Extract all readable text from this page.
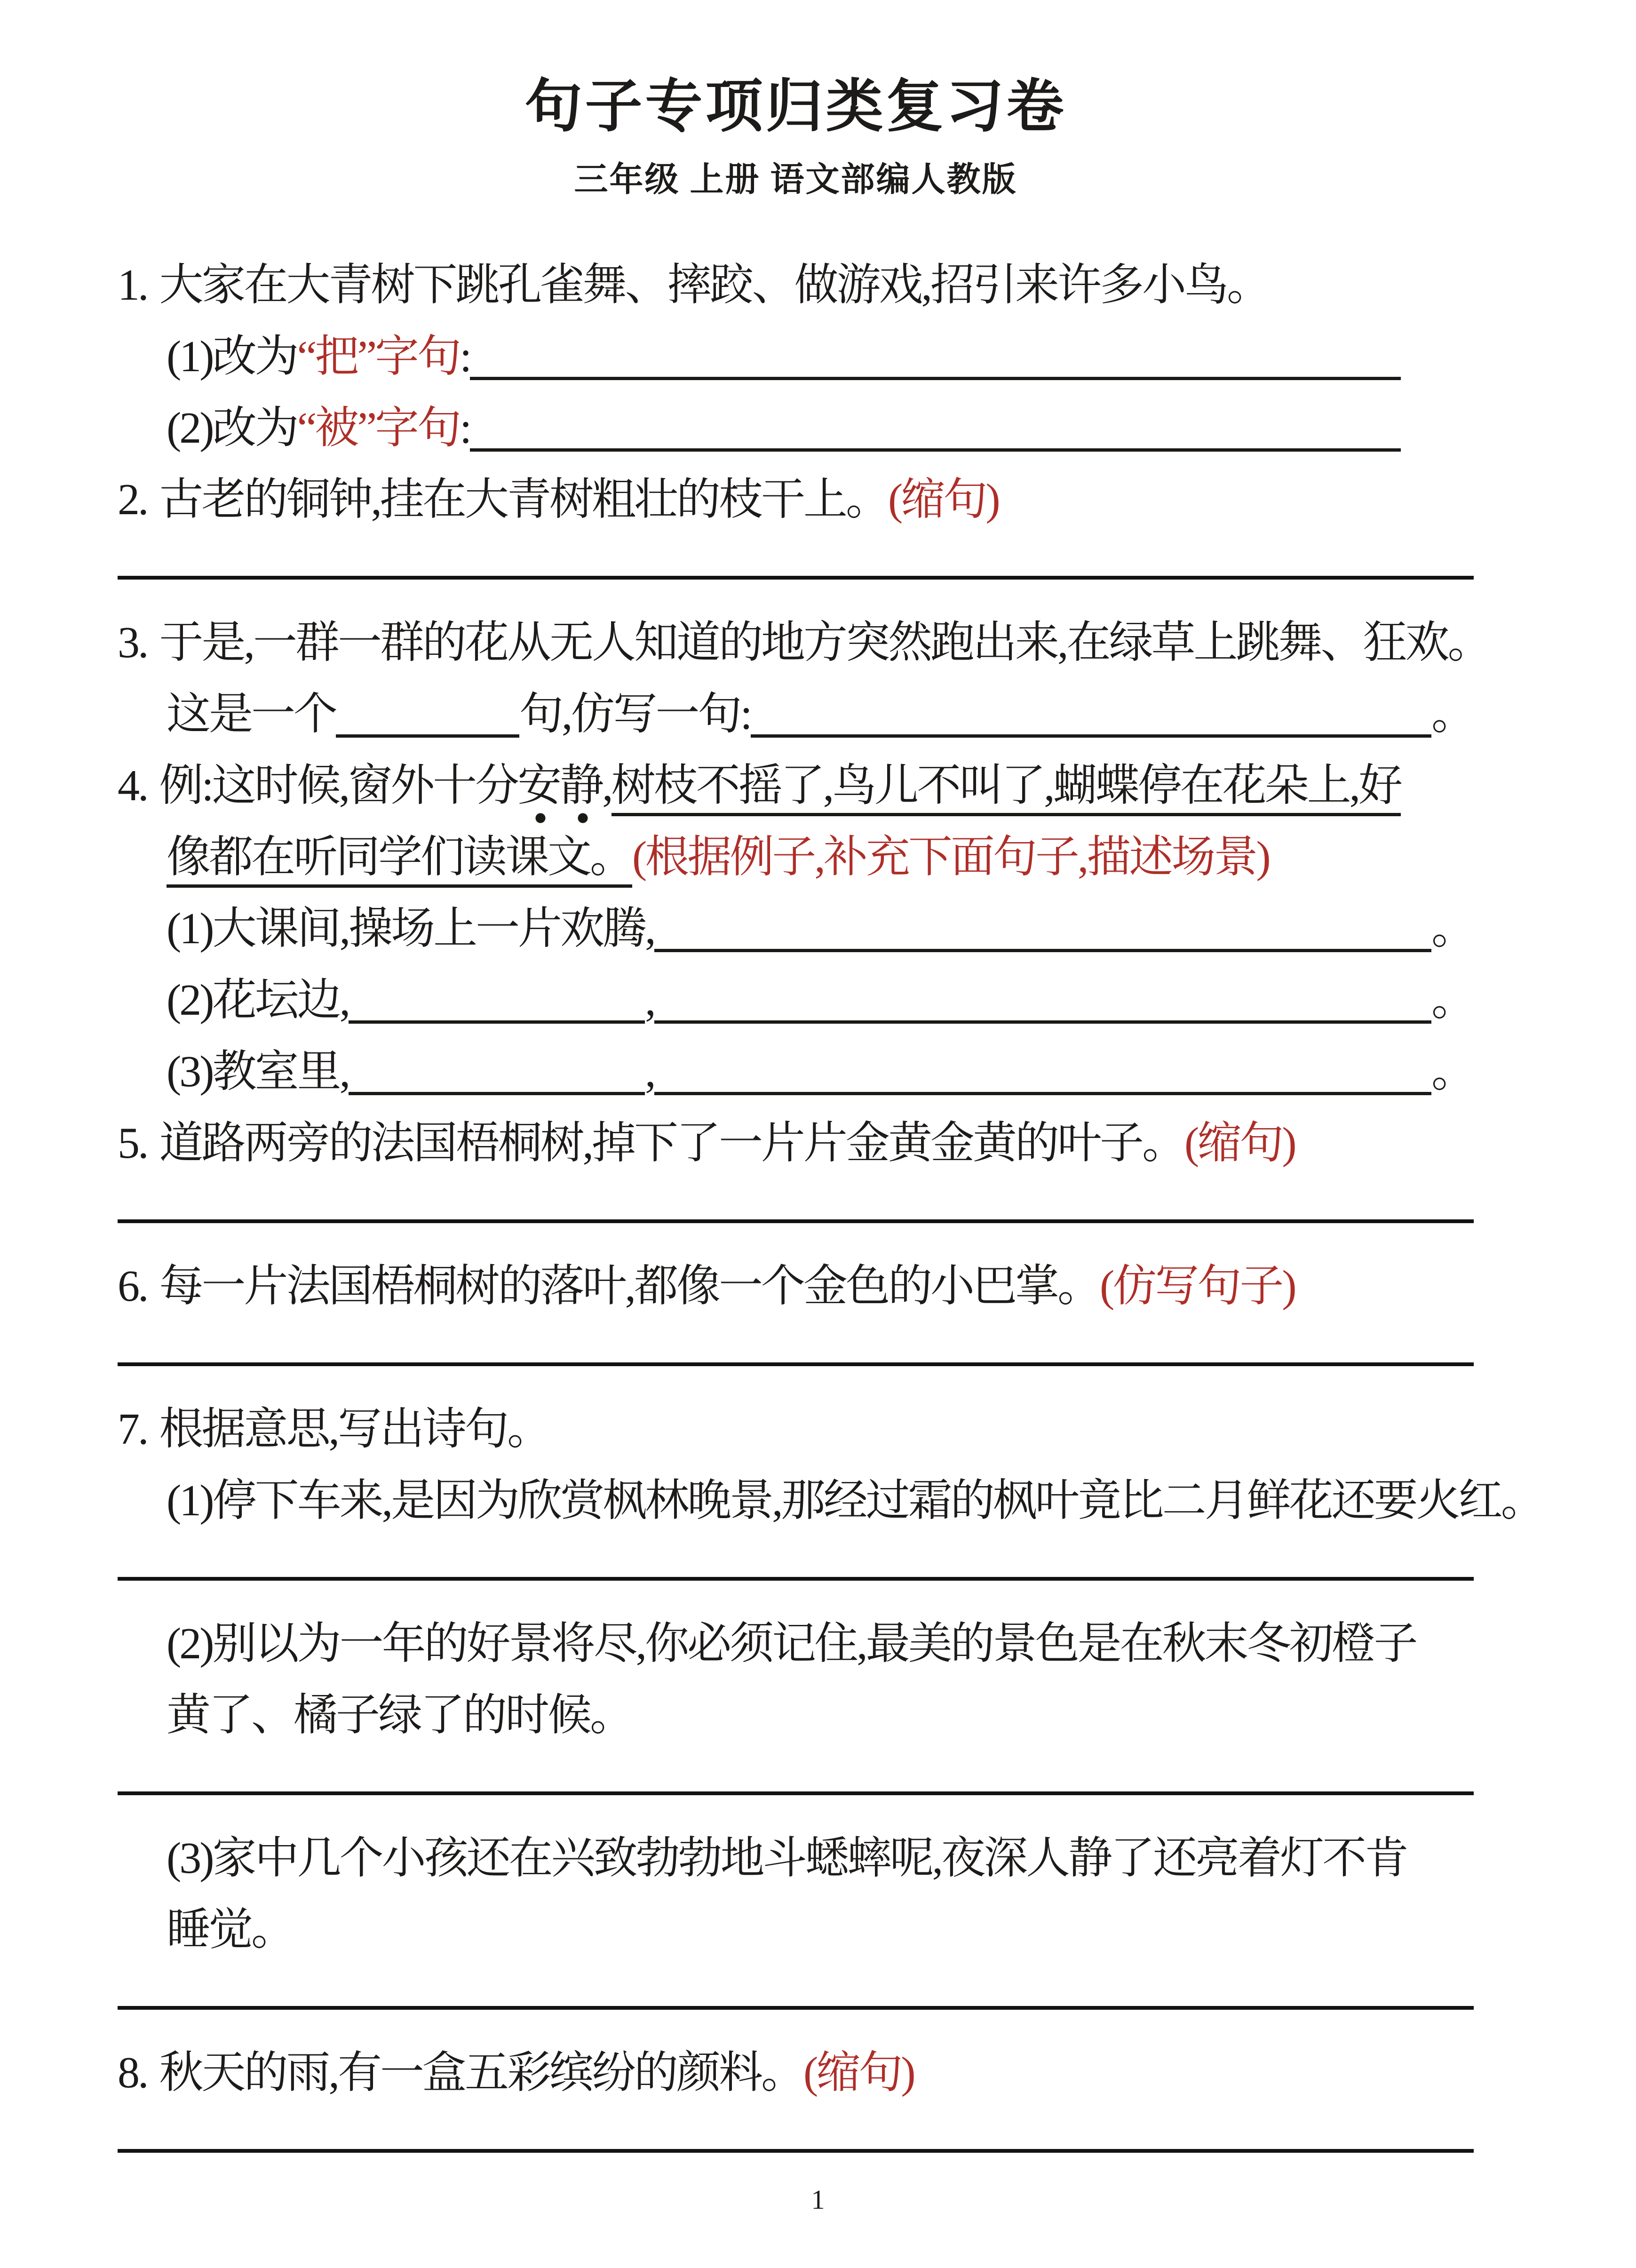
句子专项归类复习卷
三年级 上册 语文部编人教版
1. 大家在大青树下跳孔雀舞、摔跤、做游戏,招引来许多小鸟。
(1)改为 “把”字句 :
(2)改为 “被”字句 :
2. 古老的铜钟,挂在大青树粗壮的枝干上。(缩句)
3. 于是,一群一群的花从无人知道的地方突然跑出来,在绿草上跳舞、狂欢。
这是一个	句,仿写一句:	。
4. 例:这时候,窗外十分安静,树枝不摇了,鸟儿不叫了,蝴蝶停在花朵上,好
像都在听同学们读课文。(根据例子,补充下面句子,描述场景)
(1)大课间,操场上一片欢腾,	。
(2)花坛边,	,	。
(3)教室里,	,	。
5. 道路两旁的法国梧桐树,掉下了一片片金黄金黄的叶子。(缩句)
6. 每一片法国梧桐树的落叶,都像一个金色的小巴掌。(仿写句子)
7. 根据意思,写出诗句。
(1)停下车来,是因为欣赏枫林晚景,那经过霜的枫叶竟比二月鲜花还要火红。
(2)别以为一年的好景将尽,你必须记住,最美的景色是在秋末冬初橙子
黄了、橘子绿了的时候。
(3)家中几个小孩还在兴致勃勃地斗蟋蟀呢,夜深人静了还亮着灯不肯
睡觉。
8. 秋天的雨,有一盒五彩缤纷的颜料。(缩句)
1
